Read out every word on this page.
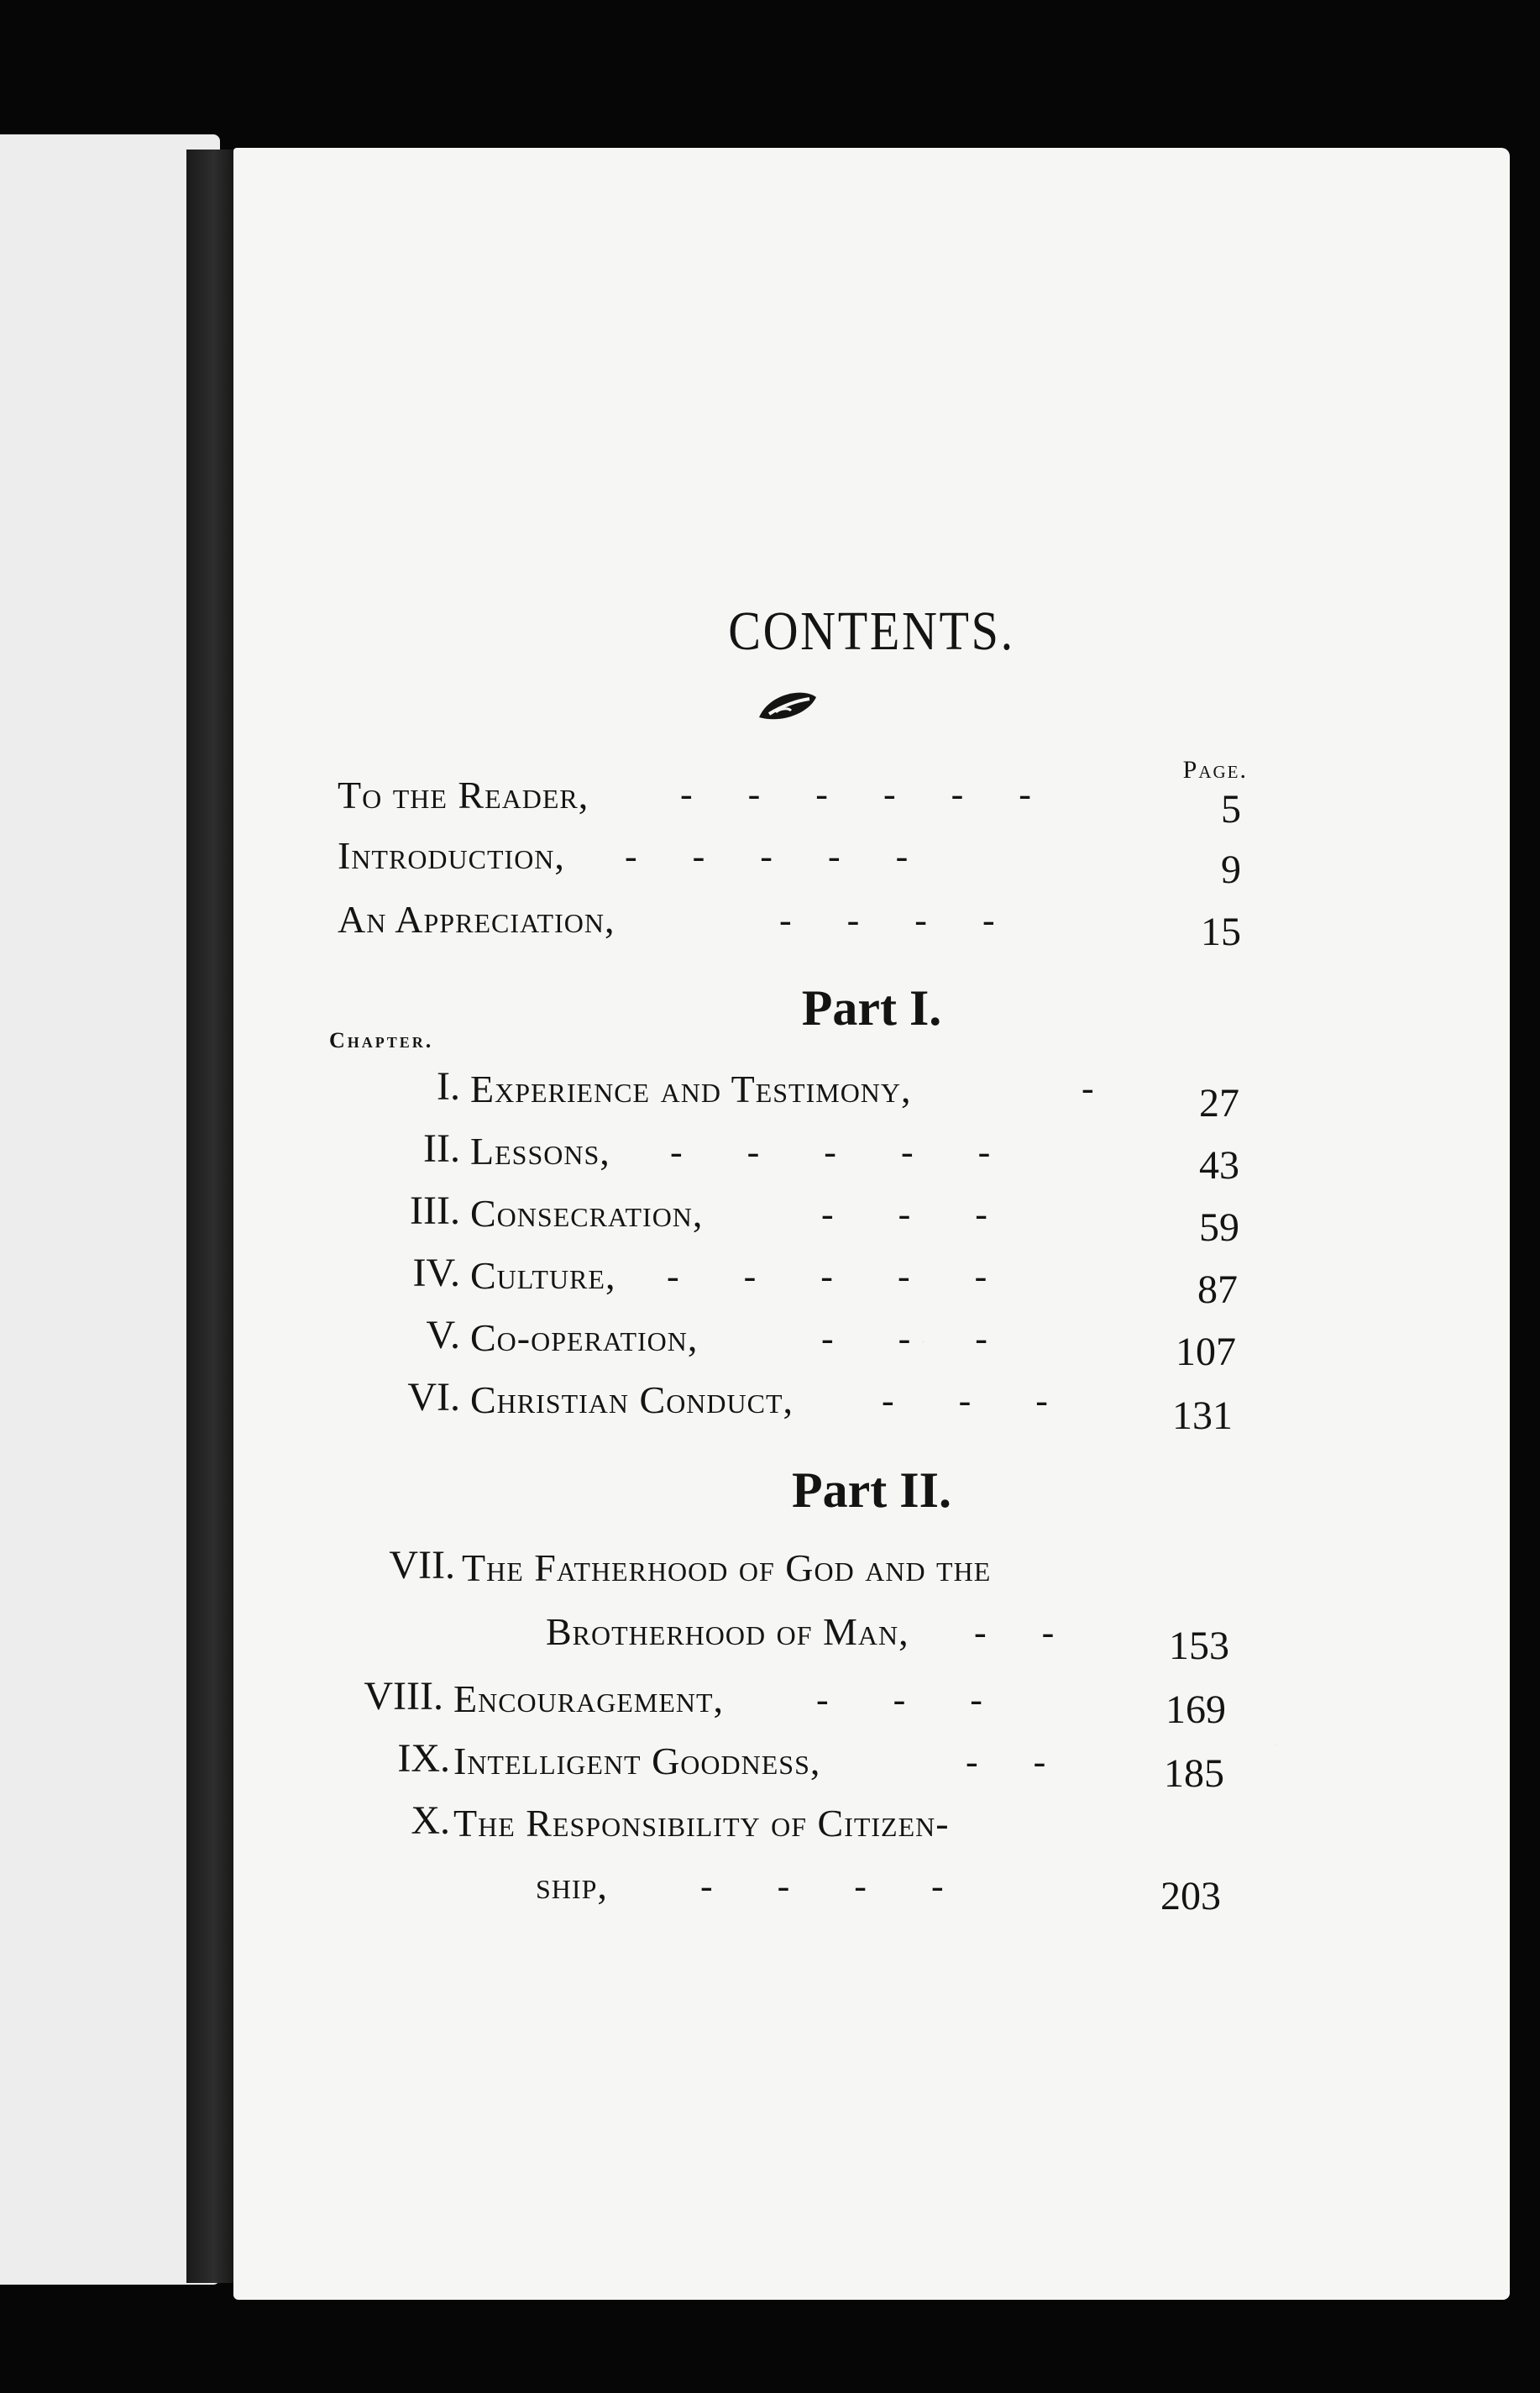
CONTENTS.
Page.
To the Reader, -      -      -      -      -      -	5
Introduction, -      -      -      -      -	9
An Appreciation,	-      -      -      -	15
Part I.
Chapter.
I. Experience and Testimony,	-	27
II. Lessons, -       -       -       -       -	43
III. Consecration,	-       -       -	59
IV. Culture, -       -       -       -       -	87
V. Co-operation,	-       -       -	107
VI. Christian Conduct, -       -       -	131
Part II.
VII. The Fatherhood of God and the
Brotherhood of Man, -      -	153
VIII. Encouragement, -       -       -	169
IX. Intelligent Goodness,	-      -	185
X. The Responsibility of Citizen-
ship,	-       -       -       -	203
